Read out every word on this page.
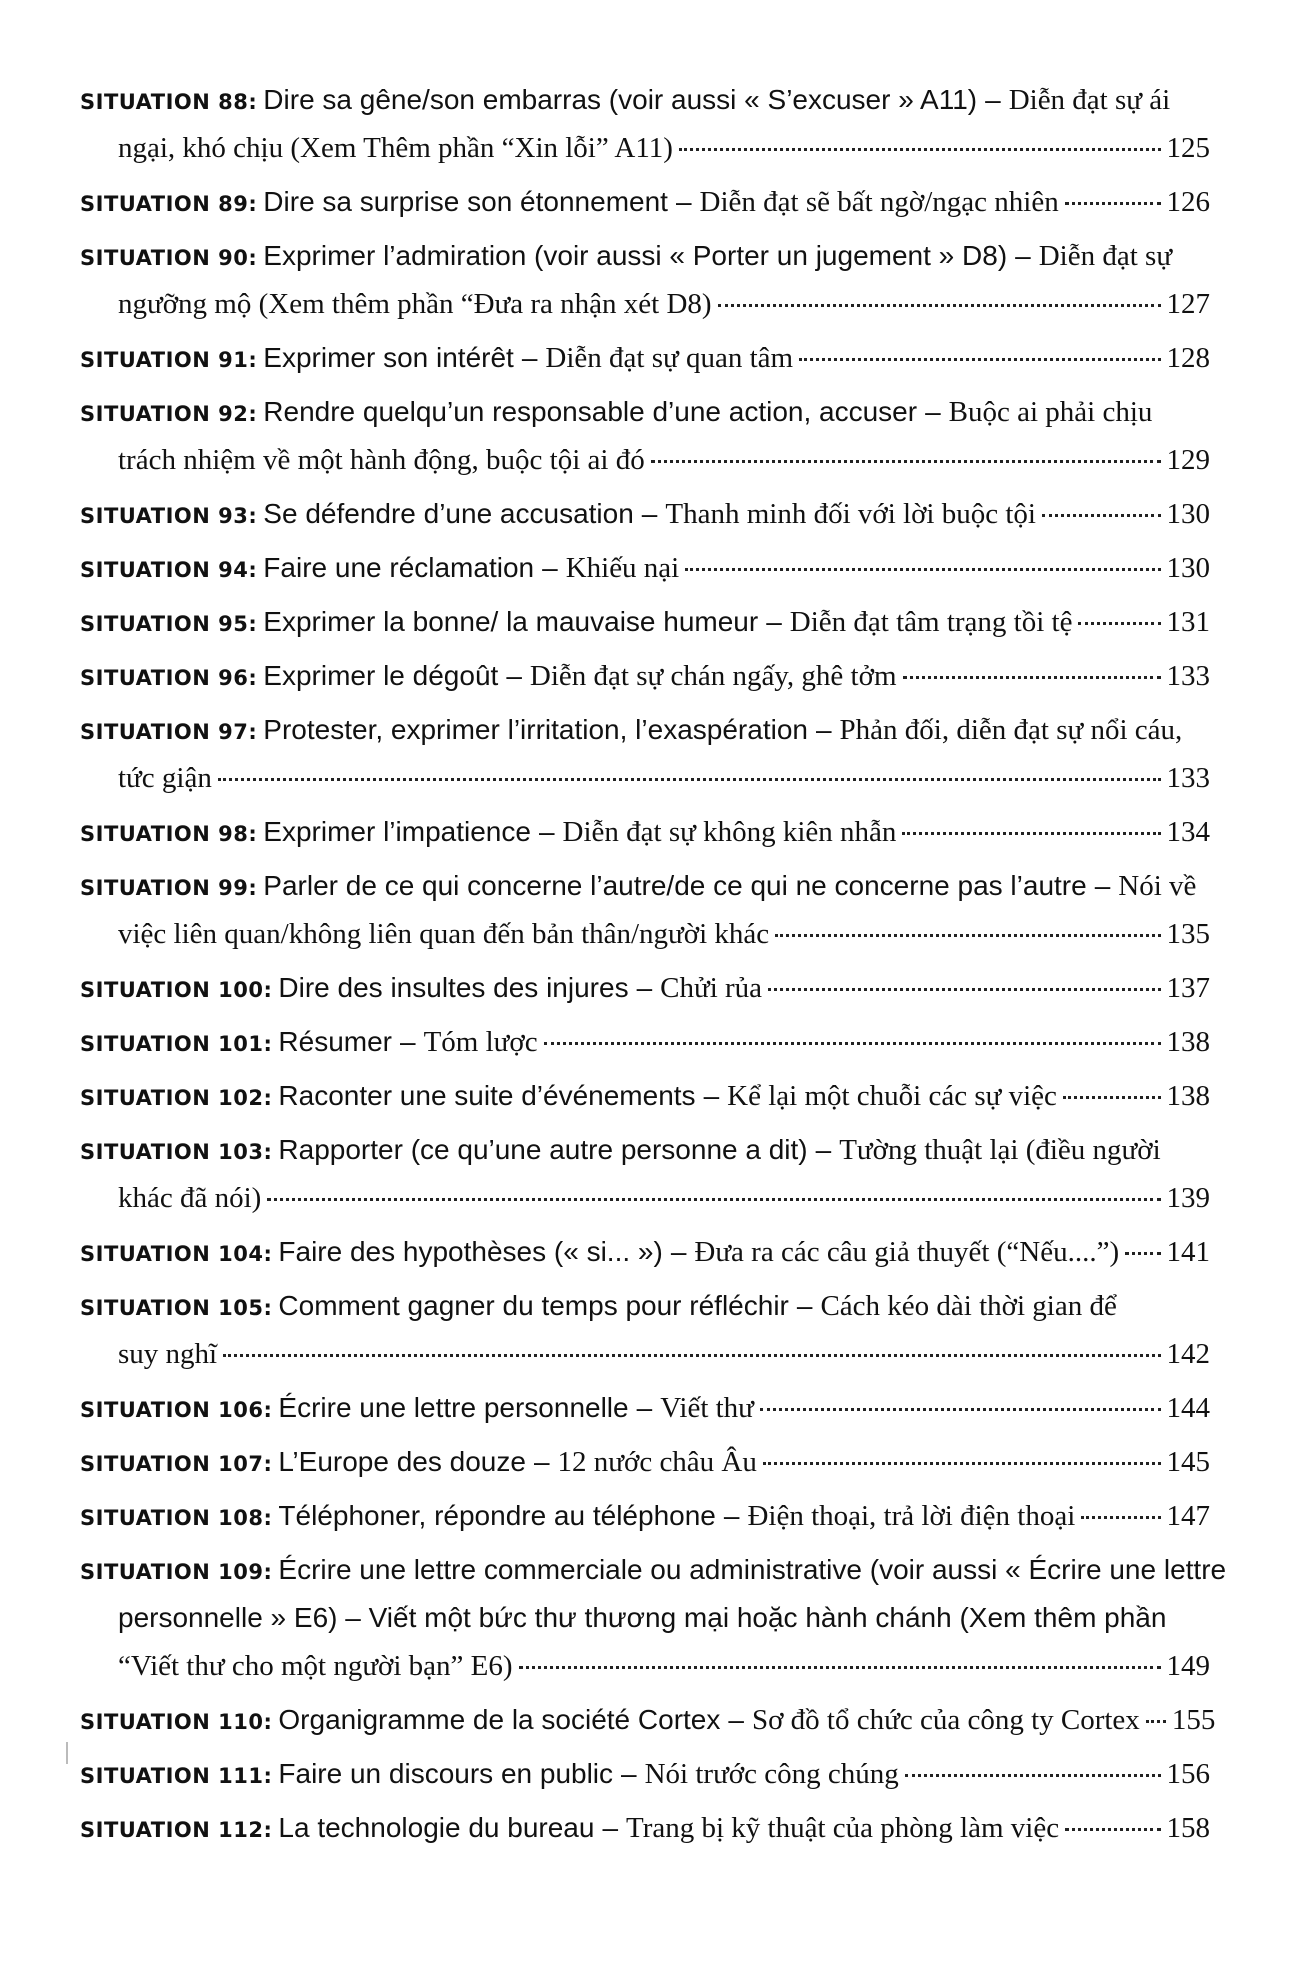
SITUATION 88: Dire sa gêne/son embarras (voir aussi « S’excuser » A11) – Diễn đạt sự ái
ngại, khó chịu (Xem Thêm phần “Xin lỗi” A11)	125
SITUATION 89: Dire sa surprise son étonnement – Diễn đạt sẽ bất ngờ/ngạc nhiên	126
SITUATION 90: Exprimer l’admiration (voir aussi « Porter un jugement » D8) – Diễn đạt sự
ngưỡng mộ (Xem thêm phần “Đưa ra nhận xét D8)	127
SITUATION 91: Exprimer son intérêt – Diễn đạt sự quan tâm	128
SITUATION 92: Rendre quelqu’un responsable d’une action, accuser – Buộc ai phải chịu
trách nhiệm về một hành động, buộc tội ai đó	129
SITUATION 93: Se défendre d’une accusation – Thanh minh đối với lời buộc tội	130
SITUATION 94: Faire une réclamation – Khiếu nại	130
SITUATION 95: Exprimer la bonne/ la mauvaise humeur – Diễn đạt tâm trạng tồi tệ	131
SITUATION 96: Exprimer le dégoût – Diễn đạt sự chán ngấy, ghê tởm	133
SITUATION 97: Protester, exprimer l’irritation, l’exaspération – Phản đối, diễn đạt sự nổi cáu,
tức giận	133
SITUATION 98: Exprimer l’impatience – Diễn đạt sự không kiên nhẫn	134
SITUATION 99: Parler de ce qui concerne l’autre/de ce qui ne concerne pas l’autre – Nói về
việc liên quan/không liên quan đến bản thân/người khác	135
SITUATION 100: Dire des insultes des injures – Chửi rủa	137
SITUATION 101: Résumer – Tóm lược	138
SITUATION 102: Raconter une suite d’événements – Kể lại một chuỗi các sự việc	138
SITUATION 103: Rapporter (ce qu’une autre personne a dit) – Tường thuật lại (điều người
khác đã nói)	139
SITUATION 104: Faire des hypothèses (« si... ») – Đưa ra các câu giả thuyết (“Nếu....”) 141
SITUATION 105: Comment gagner du temps pour réfléchir – Cách kéo dài thời gian để
suy nghĩ	142
SITUATION 106: Écrire une lettre personnelle – Viết thư	144
SITUATION 107: L’Europe des douze – 12 nước châu Âu	145
SITUATION 108: Téléphoner, répondre au téléphone – Điện thoại, trả lời điện thoại	147
SITUATION 109: Écrire une lettre commerciale ou administrative (voir aussi « Écrire une lettre
personnelle » E6) – Viết một bức thư thương mại hoặc hành chánh (Xem thêm phần
“Viết thư cho một người bạn” E6)	149
SITUATION 110: Organigramme de la société Cortex – Sơ đồ tổ chức của công ty Cortex 155
SITUATION 111: Faire un discours en public – Nói trước công chúng	156
SITUATION 112: La technologie du bureau – Trang bị kỹ thuật của phòng làm việc	158
